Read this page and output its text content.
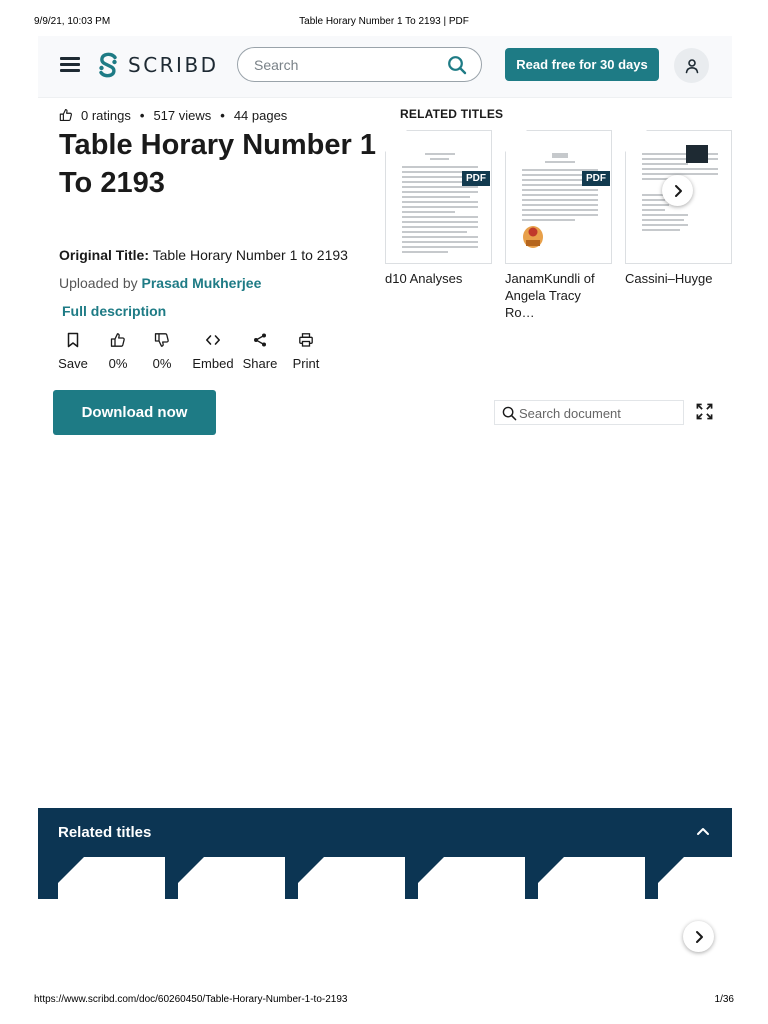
9/9/21, 10:03 PM	Table Horary Number 1 To 2193 | PDF
SCRIBD
Search	Read free for 30 days
0 ratings • 517 views • 44 pages
Table Horary Number 1
To 2193
Original Title: Table Horary Number 1 to 2193
Uploaded by Prasad Mukherjee
Full description
Save 0% 0% Embed Share Print
Download now
Search document
RELATED TITLES
PDF
d10 Analyses
PDF
JanamKundli of Angela Tracy Ro…
Cassini–Huyge
Related titles
https://www.scribd.com/doc/60260450/Table-Horary-Number-1-to-2193	1/36
